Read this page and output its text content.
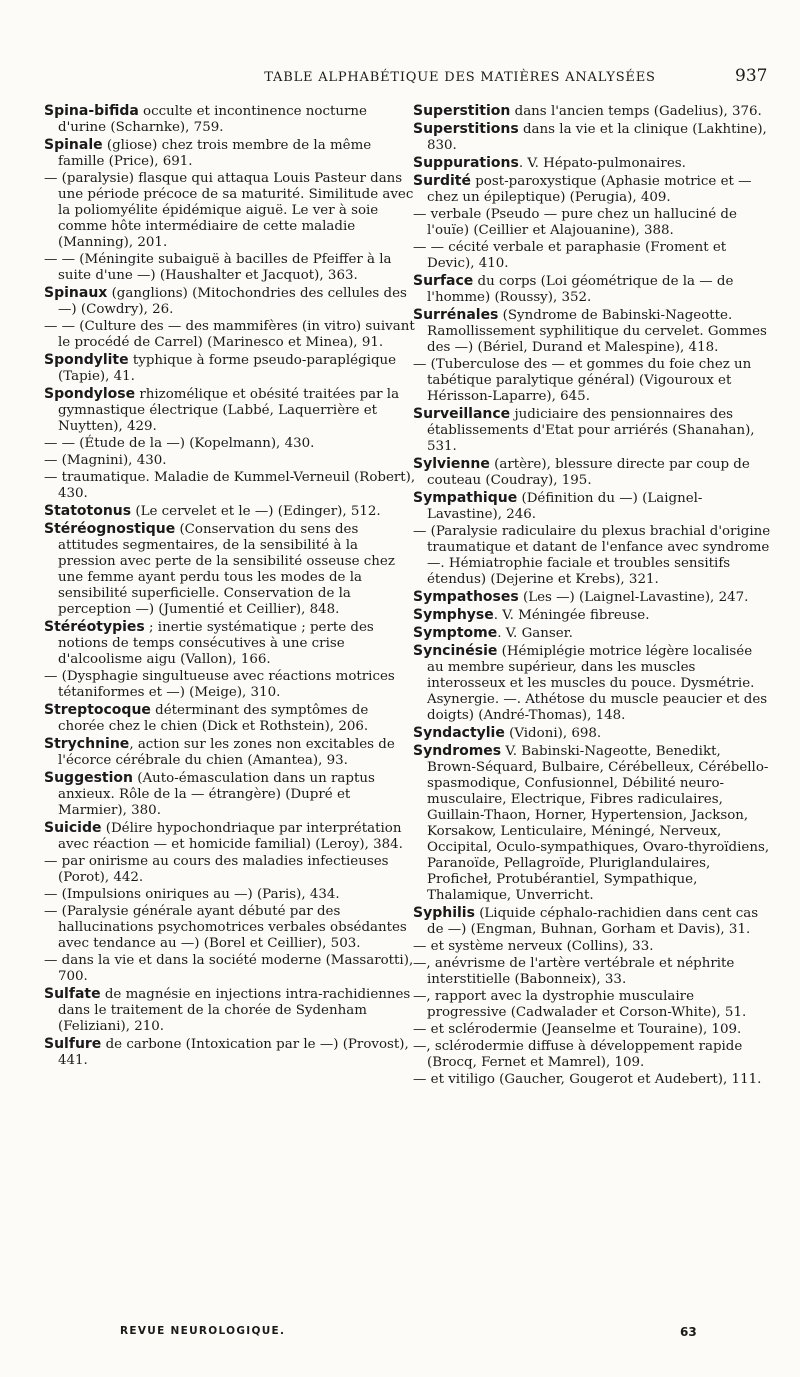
TABLE ALPHABÉTIQUE DES MATIÈRES ANALYSÉES	937
Spina-bifida occulte et incontinence nocturne d'urine (Scharnke), 759.
Spinale (gliose) chez trois membre de la même famille (Price), 691.
— (paralysie) flasque qui attaqua Louis Pasteur dans une période précoce de sa maturité. Similitude avec la poliomyélite épidémique aiguë. Le ver à soie comme hôte intermédiaire de cette maladie (Manning), 201.
— — (Méningite subaiguë à bacilles de Pfeiffer à la suite d'une —) (Haushalter et Jacquot), 363.
Spinaux (ganglions) (Mitochondries des cellules des —) (Cowdry), 26.
— — (Culture des — des mammifères (in vitro) suivant le procédé de Carrel) (Marinesco et Minea), 91.
Spondylite typhique à forme pseudo-paraplégique (Tapie), 41.
Spondylose rhizomélique et obésité traitées par la gymnastique électrique (Labbé, Laquerrière et Nuytten), 429.
— — (Étude de la —) (Kopelmann), 430.
— (Magnini), 430.
— traumatique. Maladie de Kummel-Verneuil (Robert), 430.
Statotonus (Le cervelet et le —) (Edinger), 512.
Stéréognostique (Conservation du sens des attitudes segmentaires, de la sensibilité à la pression avec perte de la sensibilité osseuse chez une femme ayant perdu tous les modes de la sensibilité superficielle. Conservation de la perception —) (Jumentié et Ceillier), 848.
Stéréotypies ; inertie systématique ; perte des notions de temps consécutives à une crise d'alcoolisme aigu (Vallon), 166.
— (Dysphagie singultueuse avec réactions motrices tétaniformes et —) (Meige), 310.
Streptocoque déterminant des symptômes de chorée chez le chien (Dick et Rothstein), 206.
Strychnine, action sur les zones non excitables de l'écorce cérébrale du chien (Amantea), 93.
Suggestion (Auto-émasculation dans un raptus anxieux. Rôle de la — étrangère) (Dupré et Marmier), 380.
Suicide (Délire hypochondriaque par interprétation avec réaction — et homicide familial) (Leroy), 384.
— par onirisme au cours des maladies infectieuses (Porot), 442.
— (Impulsions oniriques au —) (Paris), 434.
— (Paralysie générale ayant débuté par des hallucinations psychomotrices verbales obsédantes avec tendance au —) (Borel et Ceillier), 503.
— dans la vie et dans la société moderne (Massarotti), 700.
Sulfate de magnésie en injections intra-rachidiennes dans le traitement de la chorée de Sydenham (Feliziani), 210.
Sulfure de carbone (Intoxication par le —) (Provost), 441.
Superstition dans l'ancien temps (Gadelius), 376.
Superstitions dans la vie et la clinique (Lakhtine), 830.
Suppurations. V. Hépato-pulmonaires.
Surdité post-paroxystique (Aphasie motrice et — chez un épileptique) (Perugia), 409.
— verbale (Pseudo — pure chez un halluciné de l'ouïe) (Ceillier et Alajouanine), 388.
— — cécité verbale et paraphasie (Froment et Devic), 410.
Surface du corps (Loi géométrique de la — de l'homme) (Roussy), 352.
Surrénales (Syndrome de Babinski-Nageotte. Ramollissement syphilitique du cervelet. Gommes des —) (Bériel, Durand et Malespine), 418.
— (Tuberculose des — et gommes du foie chez un tabétique paralytique général) (Vigouroux et Hérisson-Laparre), 645.
Surveillance judiciaire des pensionnaires des établissements d'Etat pour arriérés (Shanahan), 531.
Sylvienne (artère), blessure directe par coup de couteau (Coudray), 195.
Sympathique (Définition du —) (Laignel-Lavastine), 246.
— (Paralysie radiculaire du plexus brachial d'origine traumatique et datant de l'enfance avec syndrome —. Hémiatrophie faciale et troubles sensitifs étendus) (Dejerine et Krebs), 321.
Sympathoses (Les —) (Laignel-Lavastine), 247.
Symphyse. V. Méningée fibreuse.
Symptome. V. Ganser.
Syncinésie (Hémiplégie motrice légère localisée au membre supérieur, dans les muscles interosseux et les muscles du pouce. Dysmétrie. Asynergie. —. Athétose du muscle peaucier et des doigts) (André-Thomas), 148.
Syndactylie (Vidoni), 698.
Syndromes V. Babinski-Nageotte, Benedikt, Brown-Séquard, Bulbaire, Cérébelleux, Cérébello-spasmodique, Confusionnel, Débilité neuro-musculaire, Electrique, Fibres radiculaires, Guillain-Thaon, Horner, Hypertension, Jackson, Korsakow, Lenticulaire, Méningé, Nerveux, Occipital, Oculo-sympathiques, Ovaro-thyroïdiens, Paranoïde, Pellagroïde, Pluriglandulaires, Proficheł, Protubérantiel, Sympathique, Thalamique, Unverricht.
Syphilis (Liquide céphalo-rachidien dans cent cas de —) (Engman, Buhnan, Gorham et Davis), 31.
— et système nerveux (Collins), 33.
—, anévrisme de l'artère vertébrale et néphrite interstitielle (Babonneix), 33.
—, rapport avec la dystrophie musculaire progressive (Cadwalader et Corson-White), 51.
— et sclérodermie (Jeanselme et Touraine), 109.
—, sclérodermie diffuse à développement rapide (Brocq, Fernet et Mamrel), 109.
— et vitiligo (Gaucher, Gougerot et Audebert), 111.
REVUE NEUROLOGIQUE.	63
